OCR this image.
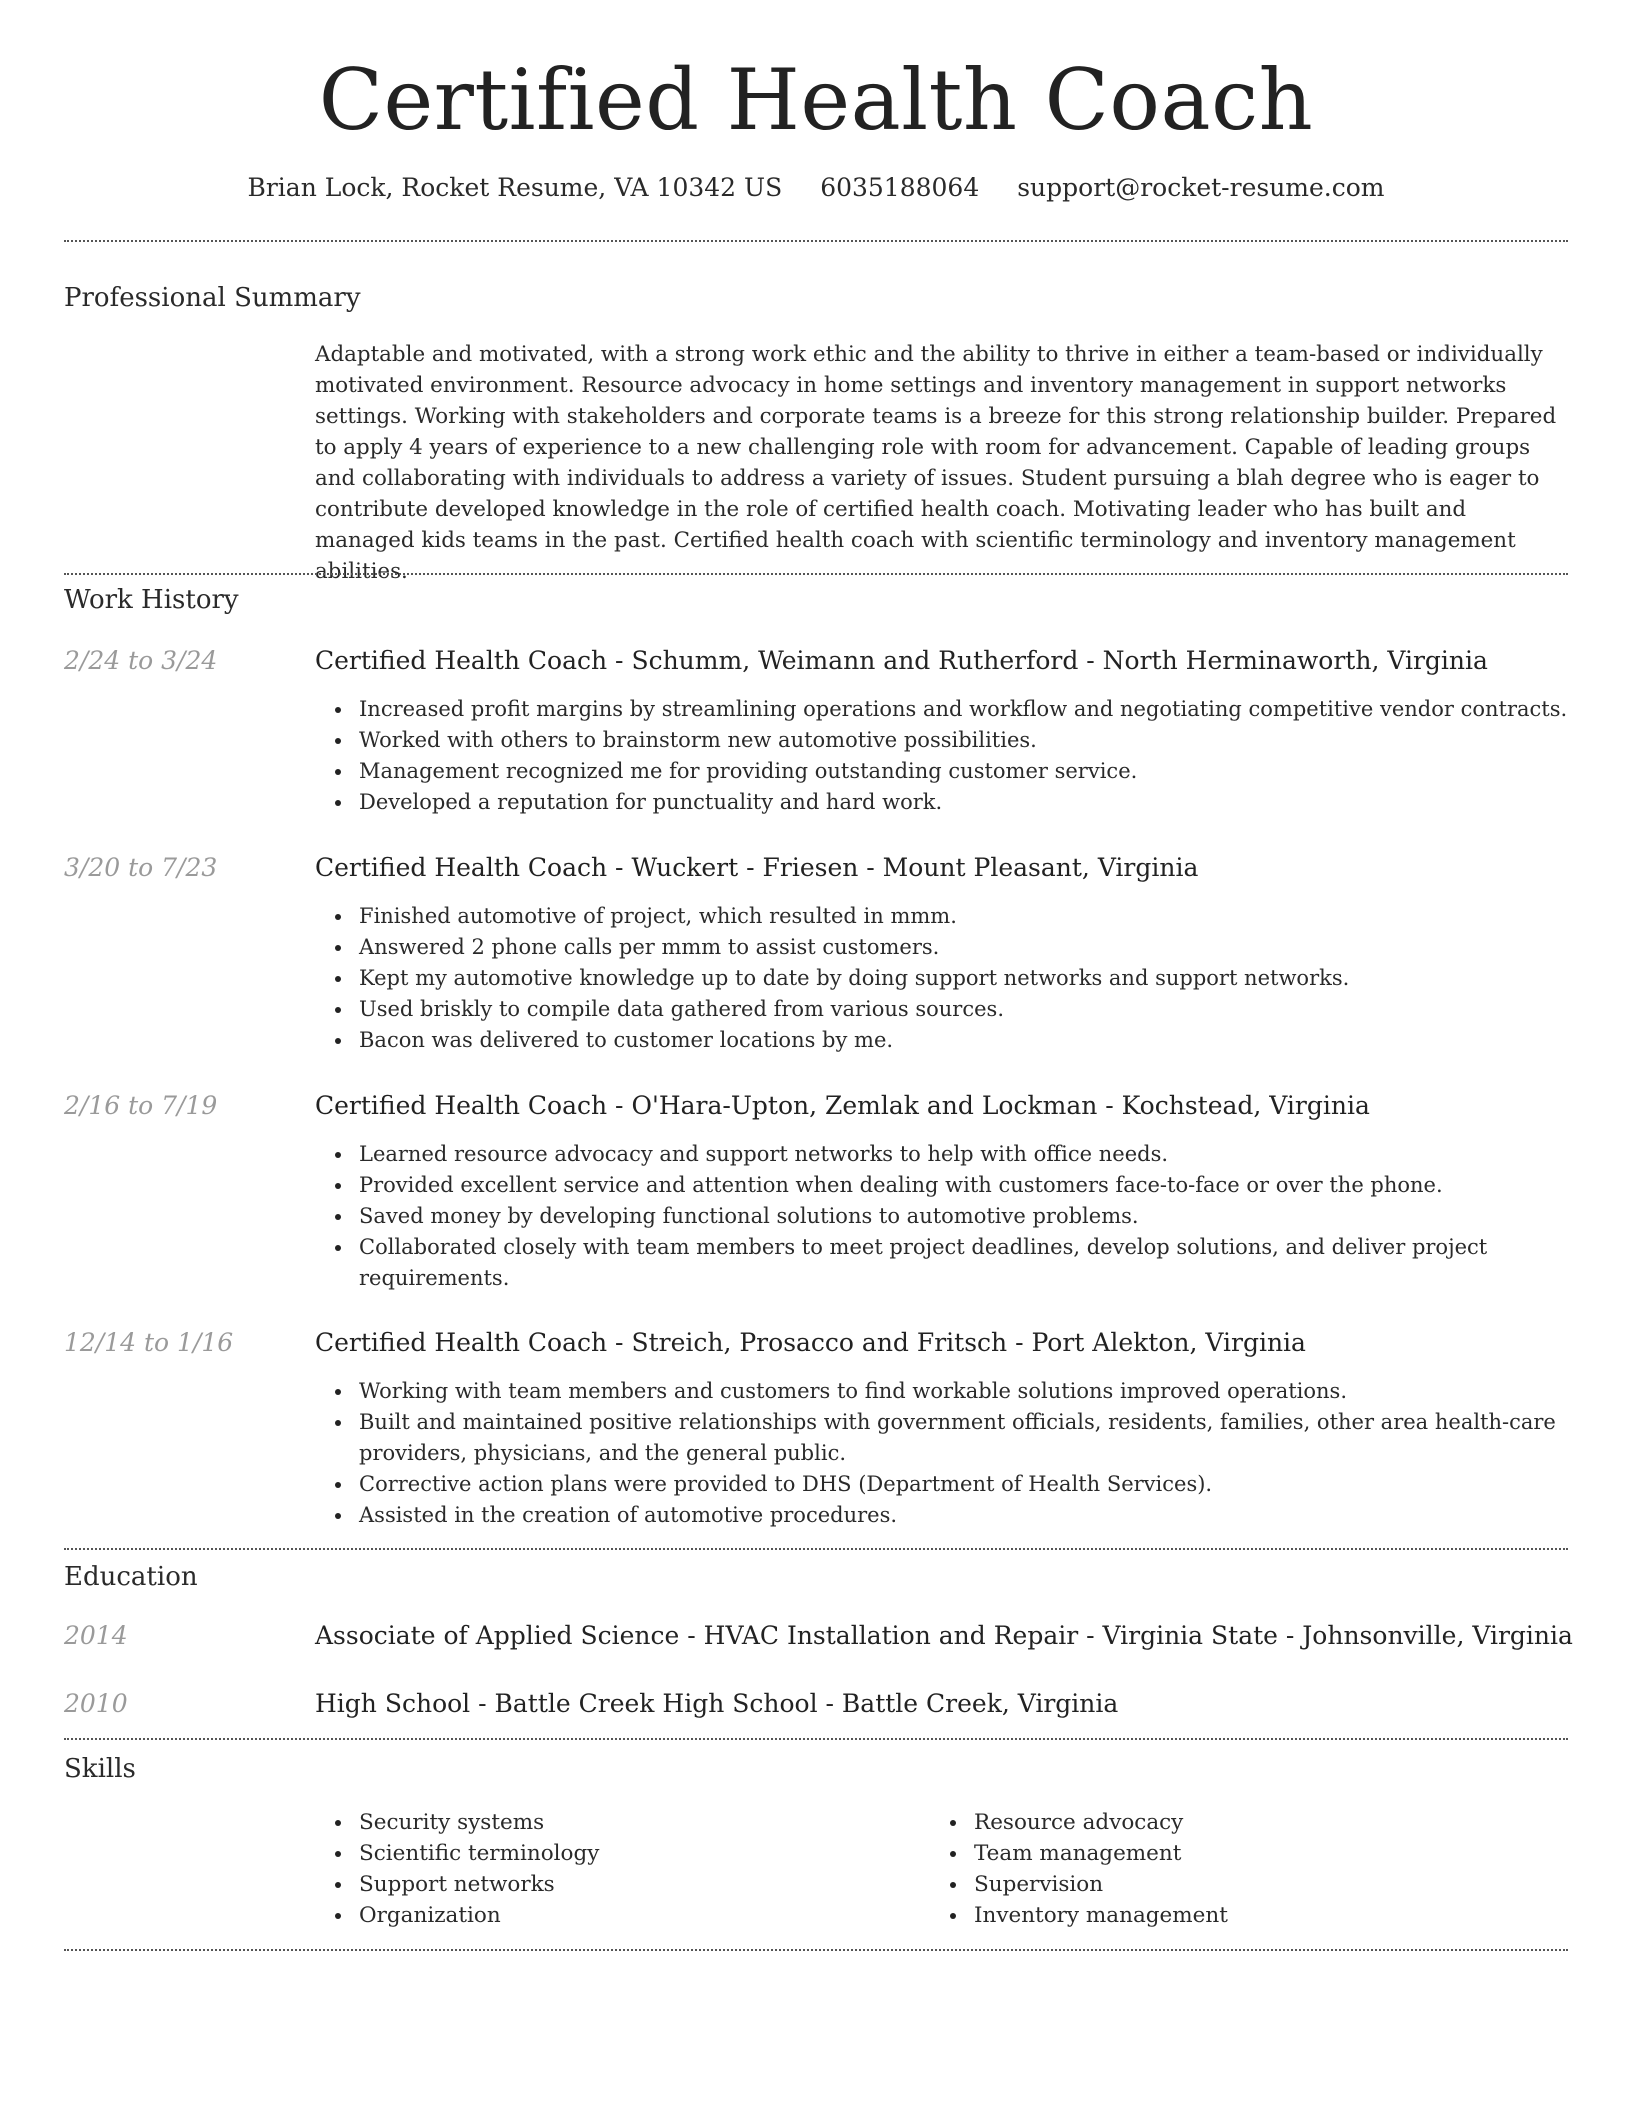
Certified Health Coach
Brian Lock, Rocket Resume, VA 10342 US 6035188064 support@rocket-resume.com
Professional Summary

Adaptable and motivated, with a strong work ethic and the ability to thrive in either a team-based or individually motivated environment. Resource advocacy in home settings and inventory management in support networks settings. Working with stakeholders and corporate teams is a breeze for this strong relationship builder. Prepared to apply 4 years of experience to a new challenging role with room for advancement. Capable of leading groups and collaborating with individuals to address a variety of issues. Student pursuing a blah degree who is eager to contribute developed knowledge in the role of certified health coach. Motivating leader who has built and managed kids teams in the past. Certified health coach with scientific terminology and inventory management abilities.

Work History
2/24 to 3/24	Certified Health Coach - Schumm, Weimann and Rutherford - North Herminaworth, Virginia
Increased profit margins by streamlining operations and workflow and negotiating competitive vendor contracts.
Worked with others to brainstorm new automotive possibilities.
Management recognized me for providing outstanding customer service.
Developed a reputation for punctuality and hard work.
3/20 to 7/23	Certified Health Coach - Wuckert - Friesen - Mount Pleasant, Virginia
Finished automotive of project, which resulted in mmm.
Answered 2 phone calls per mmm to assist customers.
Kept my automotive knowledge up to date by doing support networks and support networks.
Used briskly to compile data gathered from various sources.
Bacon was delivered to customer locations by me.
2/16 to 7/19	Certified Health Coach - O'Hara-Upton, Zemlak and Lockman - Kochstead, Virginia
Learned resource advocacy and support networks to help with office needs.
Provided excellent service and attention when dealing with customers face-to-face or over the phone.
Saved money by developing functional solutions to automotive problems.
Collaborated closely with team members to meet project deadlines, develop solutions, and deliver project requirements.
12/14 to 1/16	Certified Health Coach - Streich, Prosacco and Fritsch - Port Alekton, Virginia
Working with team members and customers to find workable solutions improved operations.
Built and maintained positive relationships with government officials, residents, families, other area health-care providers, physicians, and the general public.
Corrective action plans were provided to DHS (Department of Health Services).
Assisted in the creation of automotive procedures.
Education
2014	Associate of Applied Science - HVAC Installation and Repair - Virginia State - Johnsonville, Virginia
2010	High School - Battle Creek High School - Battle Creek, Virginia
Skills
Security systems
Scientific terminology
Support networks
Organization
Resource advocacy
Team management
Supervision
Inventory management
